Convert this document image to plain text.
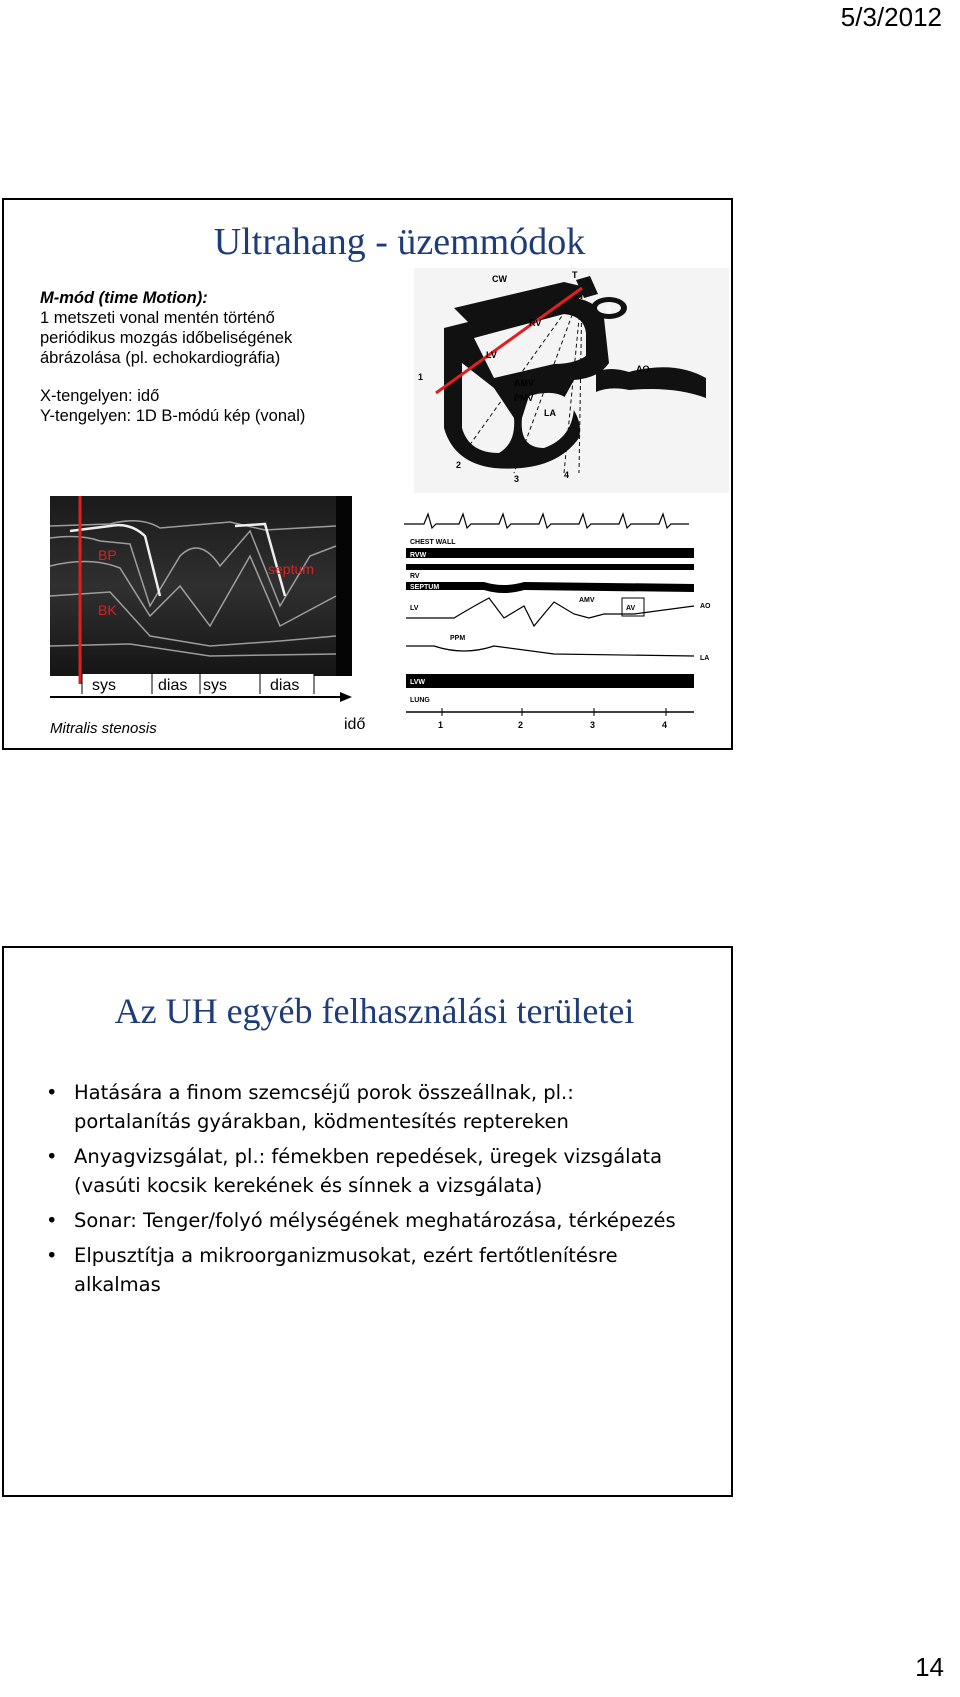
5/3/2012
Ultrahang - üzemmódok
M-mód (time Motion):
1 metszeti vonal mentén történő
periódikus mozgás időbeliségének
ábrázolása (pl. echokardiográfia)
X-tengelyen: idő
Y-tengelyen: 1D B-módú kép (vonal)
CW	T
S
RV
LV
AO
AMV
PMV
LA
1
2
3	4
BP
septum
BK
sys	dias sys	dias
Mitralis stenosis	idő
CHEST WALL
RVW
RV
SEPTUM
LV
AMV
AV	AO
PPM
LA
LVW
LUNG
1	2	3	4
Az UH egyéb felhasználási területei
• Hatására a finom szemcséjű porok összeállnak, pl.:
portalanítás gyárakban, ködmentesítés reptereken
• Anyagvizsgálat, pl.: fémekben repedések, üregek vizsgálata
(vasúti kocsik kerekének és sínnek a vizsgálata)
• Sonar: Tenger/folyó mélységének meghatározása, térképezés
• Elpusztítja a mikroorganizmusokat, ezért fertőtlenítésre
alkalmas
14
